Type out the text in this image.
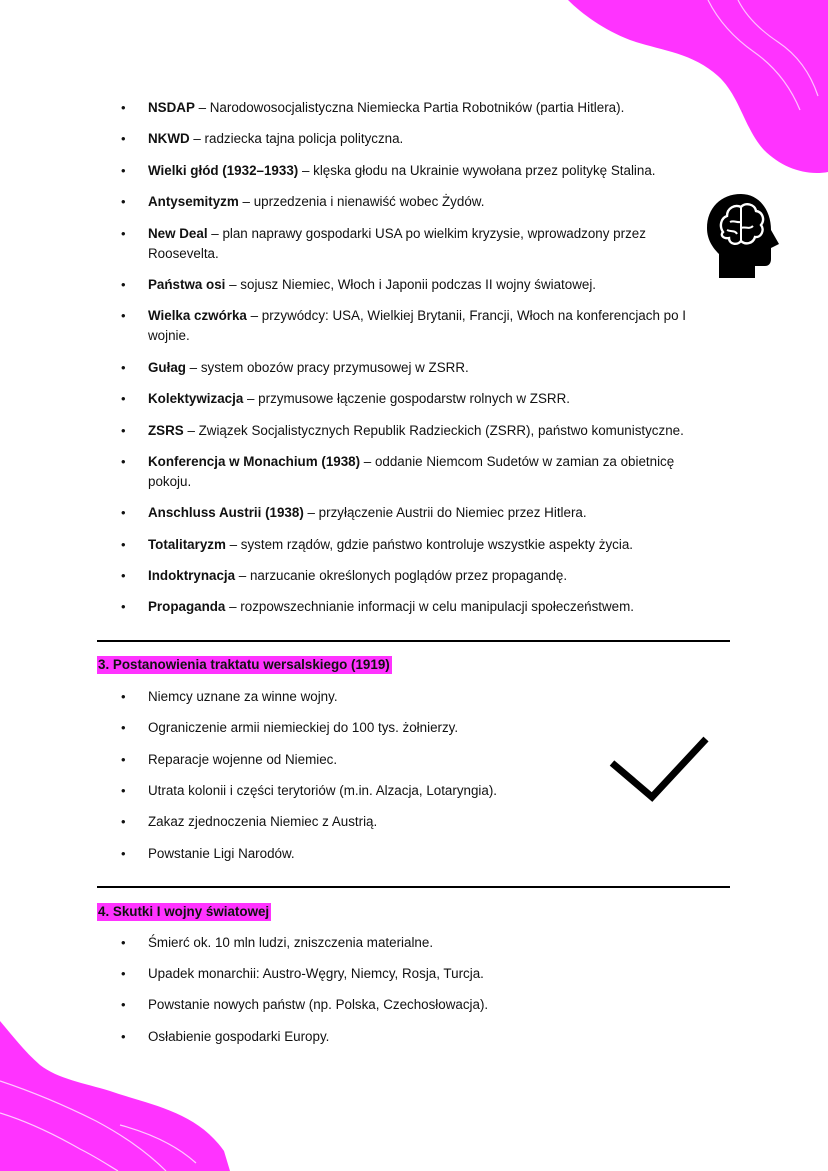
• NSDAP – Narodowosocjalistyczna Niemiecka Partia Robotników (partia Hitlera).
• NKWD – radziecka tajna policja polityczna.
• Wielki głód (1932–1933) – klęska głodu na Ukrainie wywołana przez politykę Stalina.
• Antysemityzm – uprzedzenia i nienawiść wobec Żydów.
• New Deal – plan naprawy gospodarki USA po wielkim kryzysie, wprowadzony przez Roosevelta.
• Państwa osi – sojusz Niemiec, Włoch i Japonii podczas II wojny światowej.
• Wielka czwórka – przywódcy: USA, Wielkiej Brytanii, Francji, Włoch na konferencjach po I wojnie.
• Gułag – system obozów pracy przymusowej w ZSRR.
• Kolektywizacja – przymusowe łączenie gospodarstw rolnych w ZSRR.
• ZSRS – Związek Socjalistycznych Republik Radzieckich (ZSRR), państwo komunistyczne.
• Konferencja w Monachium (1938) – oddanie Niemcom Sudetów w zamian za obietnicę pokoju.
• Anschluss Austrii (1938) – przyłączenie Austrii do Niemiec przez Hitlera.
• Totalitaryzm – system rządów, gdzie państwo kontroluje wszystkie aspekty życia.
• Indoktrynacja – narzucanie określonych poglądów przez propagandę.
• Propaganda – rozpowszechnianie informacji w celu manipulacji społeczeństwem.
3. Postanowienia traktatu wersalskiego (1919)
• Niemcy uznane za winne wojny.
• Ograniczenie armii niemieckiej do 100 tys. żołnierzy.
• Reparacje wojenne od Niemiec.
• Utrata kolonii i części terytoriów (m.in. Alzacja, Lotaryngia).
• Zakaz zjednoczenia Niemiec z Austrią.
• Powstanie Ligi Narodów.
4. Skutki I wojny światowej
• Śmierć ok. 10 mln ludzi, zniszczenia materialne.
• Upadek monarchii: Austro-Węgry, Niemcy, Rosja, Turcja.
• Powstanie nowych państw (np. Polska, Czechosłowacja).
• Osłabienie gospodarki Europy.
